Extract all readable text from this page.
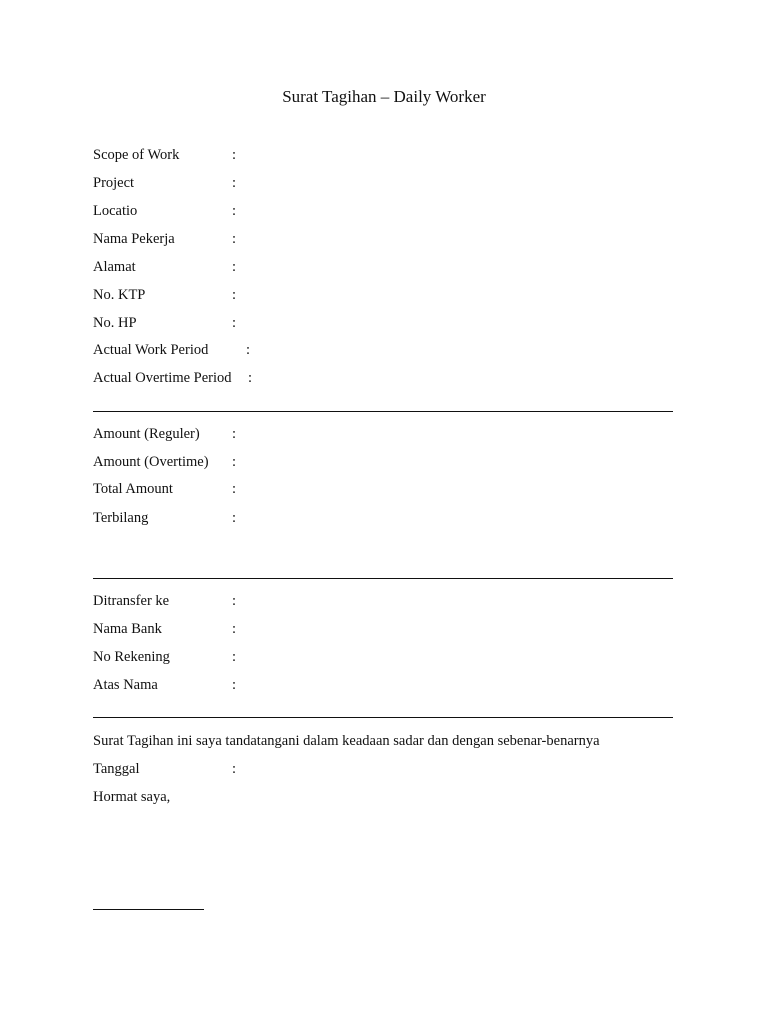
Surat Tagihan – Daily Worker
Scope of Work	:
Project	:
Locatio	:
Nama Pekerja	:
Alamat	:
No. KTP	:
No. HP	:
Actual Work Period	:
Actual Overtime Period :
Amount (Reguler) :
Amount (Overtime) :
Total Amount	:
Terbilang	:
Ditransfer ke	:
Nama Bank	:
No Rekening	:
Atas Nama	:
Surat Tagihan ini saya tandatangani dalam keadaan sadar dan dengan sebenar-benarnya
Tanggal	:
Hormat saya,
